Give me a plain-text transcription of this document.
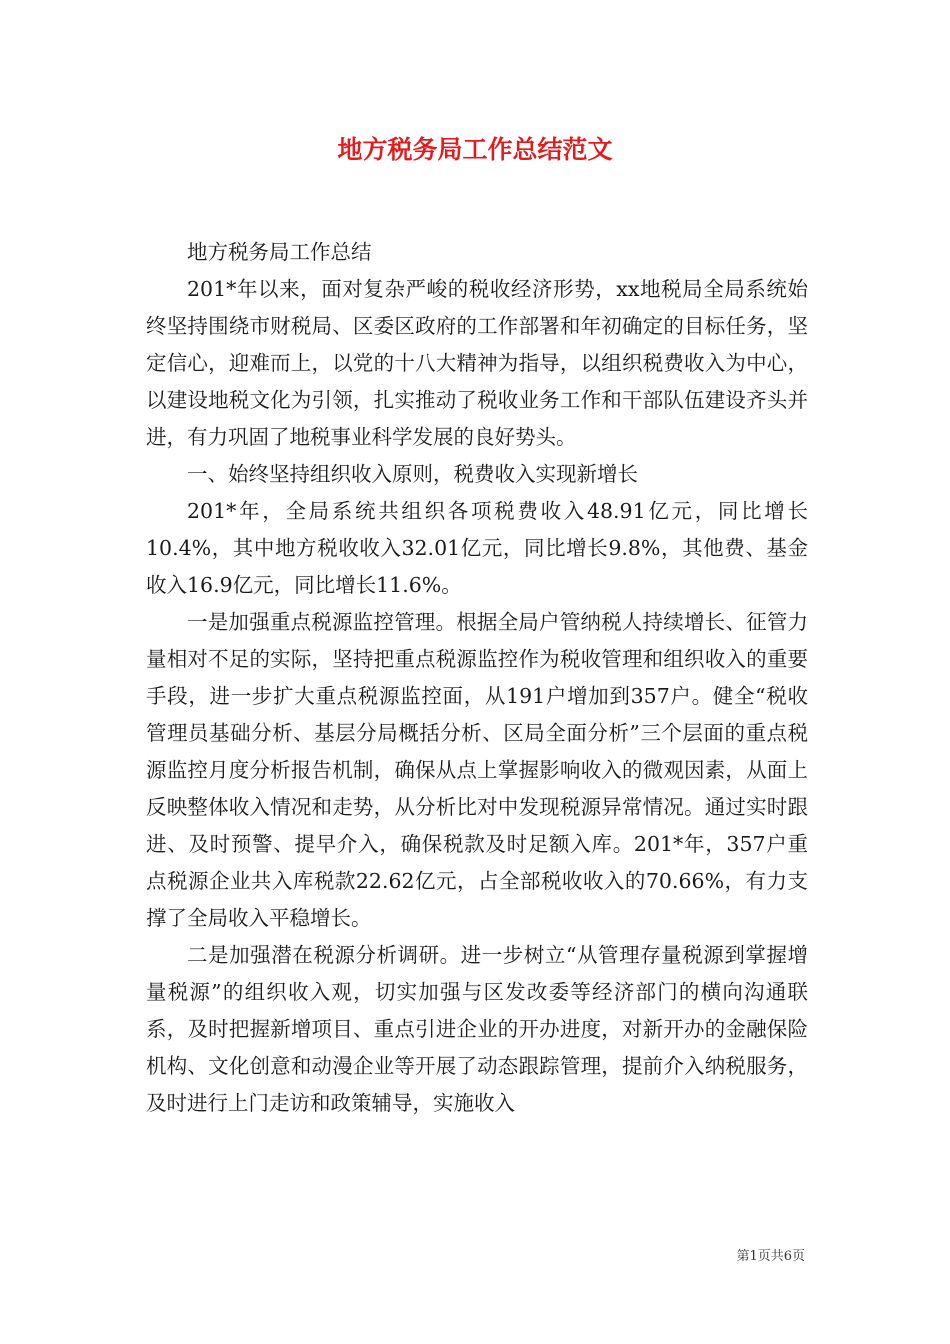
地方税务局工作总结范文

地方税务局工作总结

201*年以来，面对复杂严峻的税收经济形势，xx地税局全局系统始终坚持围绕市财税局、区委区政府的工作部署和年初确定的目标任务，坚定信心，迎难而上，以党的十八大精神为指导，以组织税费收入为中心，以建设地税文化为引领，扎实推动了税收业务工作和干部队伍建设齐头并进，有力巩固了地税事业科学发展的良好势头。

一、始终坚持组织收入原则，税费收入实现新增长

201*年，全局系统共组织各项税费收入48.91亿元，同比增长10.4%，其中地方税收收入32.01亿元，同比增长9.8%，其他费、基金收入16.9亿元，同比增长11.6%。

一是加强重点税源监控管理。根据全局户管纳税人持续增长、征管力量相对不足的实际，坚持把重点税源监控作为税收管理和组织收入的重要手段，进一步扩大重点税源监控面，从191户增加到357户。健全“税收管理员基础分析、基层分局概括分析、区局全面分析”三个层面的重点税源监控月度分析报告机制，确保从点上掌握影响收入的微观因素，从面上反映整体收入情况和走势，从分析比对中发现税源异常情况。通过实时跟进、及时预警、提早介入，确保税款及时足额入库。201*年，357户重点税源企业共入库税款22.62亿元，占全部税收收入的70.66%，有力支撑了全局收入平稳增长。

二是加强潜在税源分析调研。进一步树立“从管理存量税源到掌握增量税源”的组织收入观，切实加强与区发改委等经济部门的横向沟通联系，及时把握新增项目、重点引进企业的开办进度，对新开办的金融保险机构、文化创意和动漫企业等开展了动态跟踪管理，提前介入纳税服务，及时进行上门走访和政策辅导，实施收入

第1页共6页
